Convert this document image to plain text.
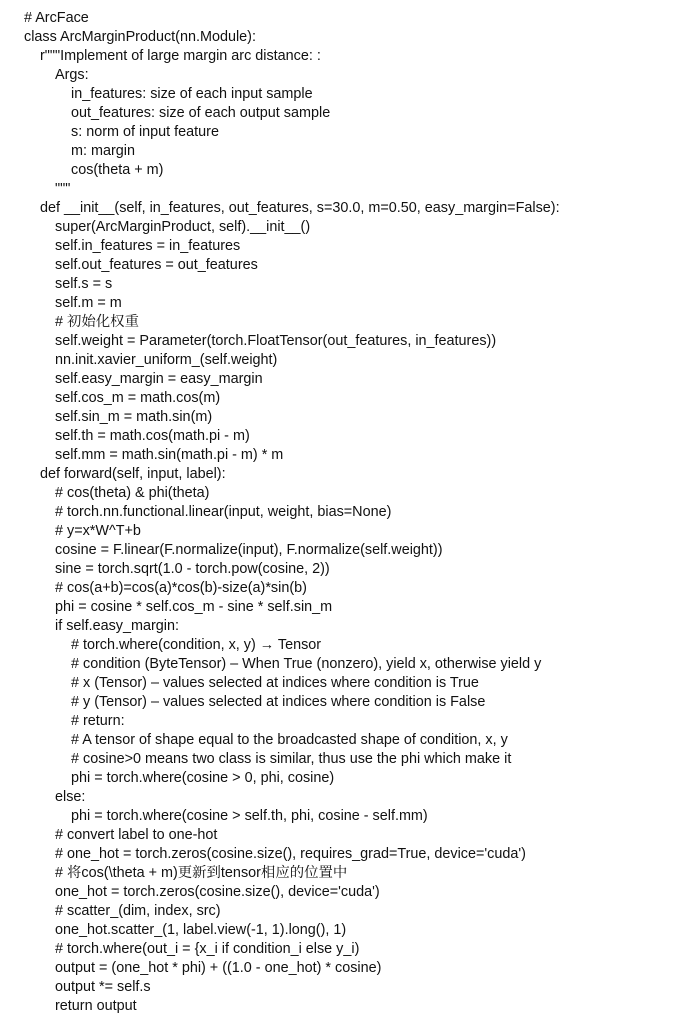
# ArcFace
class ArcMarginProduct(nn.Module):
r"""Implement of large margin arc distance: :
Args:
in_features: size of each input sample
out_features: size of each output sample
s: norm of input feature
m: margin
cos(theta + m)
"""
def __init__(self, in_features, out_features, s=30.0, m=0.50, easy_margin=False):
super(ArcMarginProduct, self).__init__()
self.in_features = in_features
self.out_features = out_features
self.s = s
self.m = m
# 初始化权重
self.weight = Parameter(torch.FloatTensor(out_features, in_features))
nn.init.xavier_uniform_(self.weight)
self.easy_margin = easy_margin
self.cos_m = math.cos(m)
self.sin_m = math.sin(m)
self.th = math.cos(math.pi - m)
self.mm = math.sin(math.pi - m) * m
def forward(self, input, label):
# cos(theta) & phi(theta)
# torch.nn.functional.linear(input, weight, bias=None)
# y=x*W^T+b
cosine = F.linear(F.normalize(input), F.normalize(self.weight))
sine = torch.sqrt(1.0 - torch.pow(cosine, 2))
# cos(a+b)=cos(a)*cos(b)-size(a)*sin(b)
phi = cosine * self.cos_m - sine * self.sin_m
if self.easy_margin:
# torch.where(condition, x, y) → Tensor
# condition (ByteTensor) – When True (nonzero), yield x, otherwise yield y
# x (Tensor) – values selected at indices where condition is True
# y (Tensor) – values selected at indices where condition is False
# return:
# A tensor of shape equal to the broadcasted shape of condition, x, y
# cosine>0 means two class is similar, thus use the phi which make it
phi = torch.where(cosine > 0, phi, cosine)
else:
phi = torch.where(cosine > self.th, phi, cosine - self.mm)
# convert label to one-hot
# one_hot = torch.zeros(cosine.size(), requires_grad=True, device='cuda')
# 将cos(\theta + m)更新到tensor相应的位置中
one_hot = torch.zeros(cosine.size(), device='cuda')
# scatter_(dim, index, src)
one_hot.scatter_(1, label.view(-1, 1).long(), 1)
# torch.where(out_i = {x_i if condition_i else y_i)
output = (one_hot * phi) + ((1.0 - one_hot) * cosine)
output *= self.s
return output
